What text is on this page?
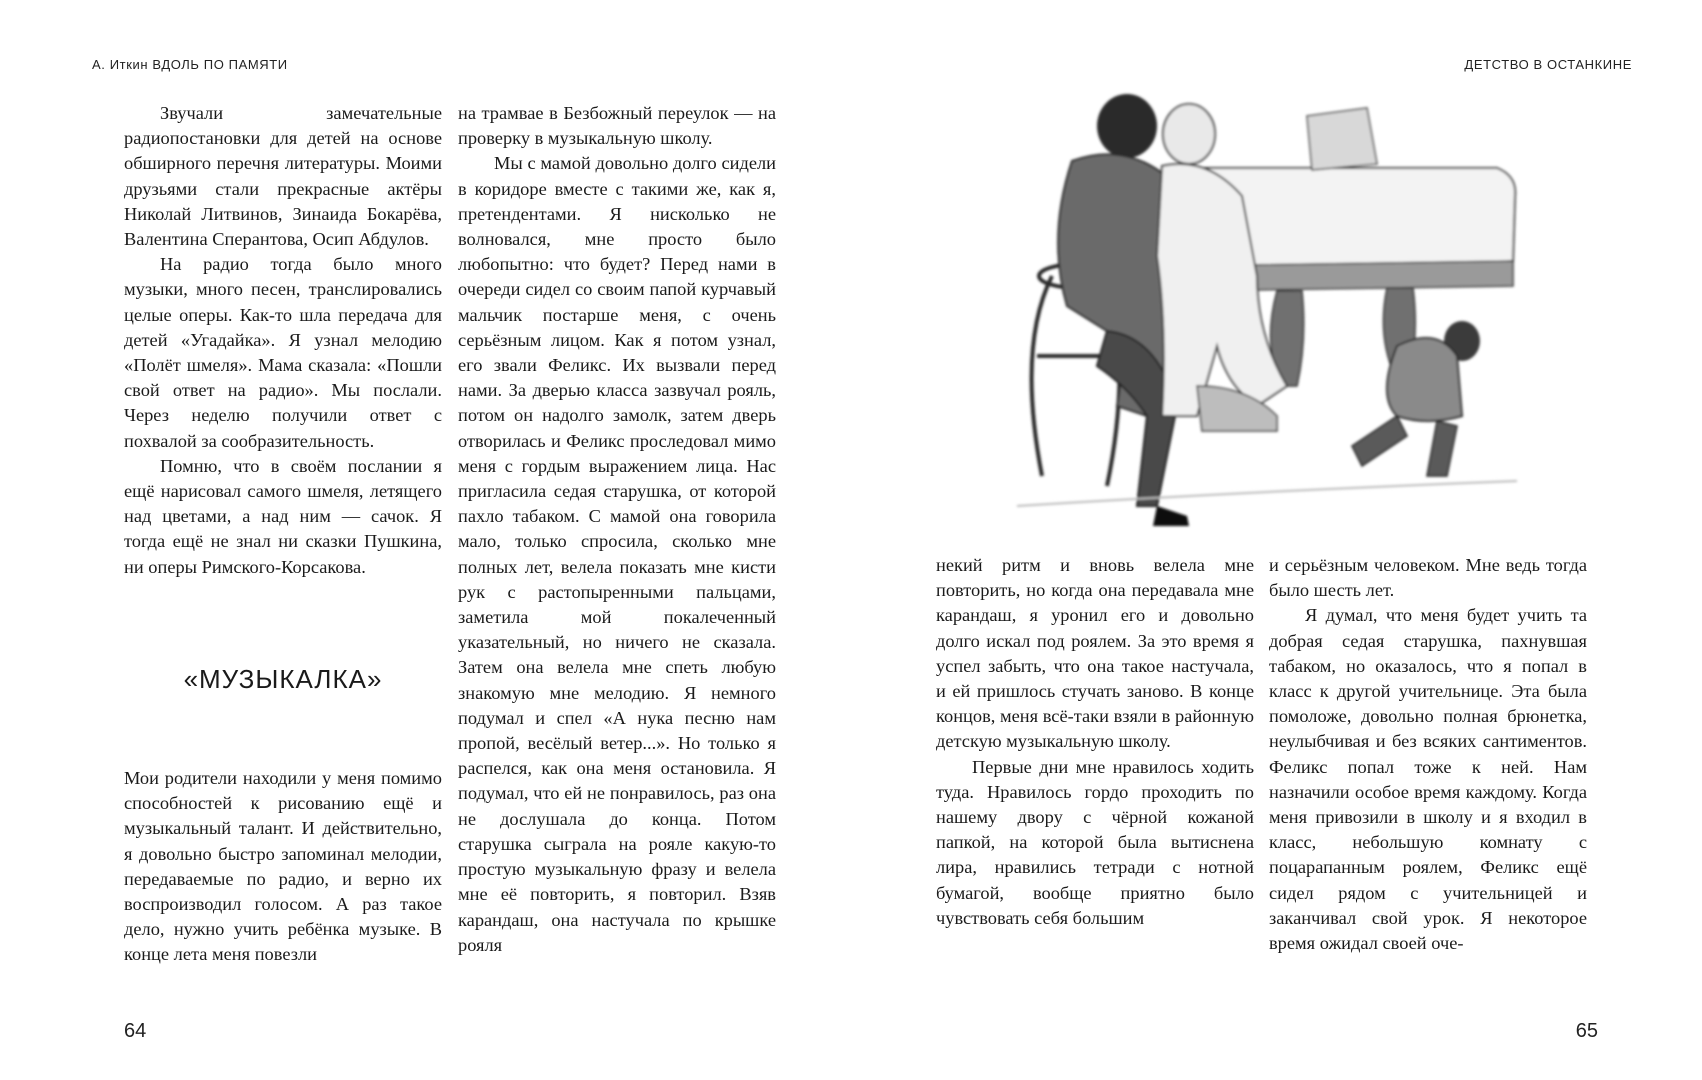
А. Иткин ВДОЛЬ ПО ПАМЯТИ

Звучали замечательные радиопостановки для детей на основе обширного перечня литературы. Моими друзьями стали прекрасные актёры Николай Литвинов, Зинаида Бокарёва, Валентина Сперантова, Осип Абдулов.

На радио тогда было много музыки, много песен, транслировались целые оперы. Как-то шла передача для детей «Угадайка». Я узнал мелодию «Полёт шмеля». Мама сказала: «Пошли свой ответ на радио». Мы послали. Через неделю получили ответ с похвалой за сообразительность.

Помню, что в своём послании я ещё нарисовал самого шмеля, летящего над цветами, а над ним — сачок. Я тогда ещё не знал ни сказки Пушкина, ни оперы Римского-Корсакова.

«МУЗЫКАЛКА»

Мои родители находили у меня помимо способностей к рисованию ещё и музыкальный талант. И действительно, я довольно быстро запоминал мелодии, передаваемые по радио, и верно их воспроизводил голосом. А раз такое дело, нужно учить ребёнка музыке. В конце лета меня повезли

на трамвае в Безбожный переулок — на проверку в музыкальную школу.

Мы с мамой довольно долго сидели в коридоре вместе с такими же, как я, претендентами. Я нисколько не волновался, мне просто было любопытно: что будет? Перед нами в очереди сидел со своим папой курчавый мальчик постарше меня, с очень серьёзным лицом. Как я потом узнал, его звали Феликс. Их вызвали перед нами. За дверью класса зазвучал рояль, потом он надолго замолк, затем дверь отворилась и Феликс проследовал мимо меня с гордым выражением лица. Нас пригласила седая старушка, от которой пахло табаком. С мамой она говорила мало, только спросила, сколько мне полных лет, велела показать мне кисти рук с растопыренными пальцами, заметила мой покалеченный указательный, но ничего не сказала. Затем она велела мне спеть любую знакомую мне мелодию. Я немного подумал и спел «А нука песню нам пропой, весёлый ветер...». Но только я распелся, как она меня остановила. Я подумал, что ей не понравилось, раз она не дослушала до конца. Потом старушка сыграла на рояле какую-то простую музыкальную фразу и велела мне её повторить, я повторил. Взяв карандаш, она настучала по крышке рояля

64
ДЕТСТВО В ОСТАНКИНЕ

некий ритм и вновь велела мне повторить, но когда она передавала мне карандаш, я уронил его и довольно долго искал под роялем. За это время я успел забыть, что она такое настучала, и ей пришлось стучать заново. В конце концов, меня всё-таки взяли в районную детскую музыкальную школу.

Первые дни мне нравилось ходить туда. Нравилось гордо проходить по нашему двору с чёрной кожаной папкой, на которой была вытиснена лира, нравились тетради с нотной бумагой, вообще приятно было чувствовать себя большим

и серьёзным человеком. Мне ведь тогда было шесть лет.

Я думал, что меня будет учить та добрая седая старушка, пахнувшая табаком, но оказалось, что я попал в класс к другой учительнице. Эта была помоложе, довольно полная брюнетка, неулыбчивая и без всяких сантиментов. Феликс попал тоже к ней. Нам назначили особое время каждому. Когда меня привозили в школу и я входил в класс, небольшую комнату с поцарапанным роялем, Феликс ещё сидел рядом с учительницей и заканчивал свой урок. Я некоторое время ожидал своей оче-

65
